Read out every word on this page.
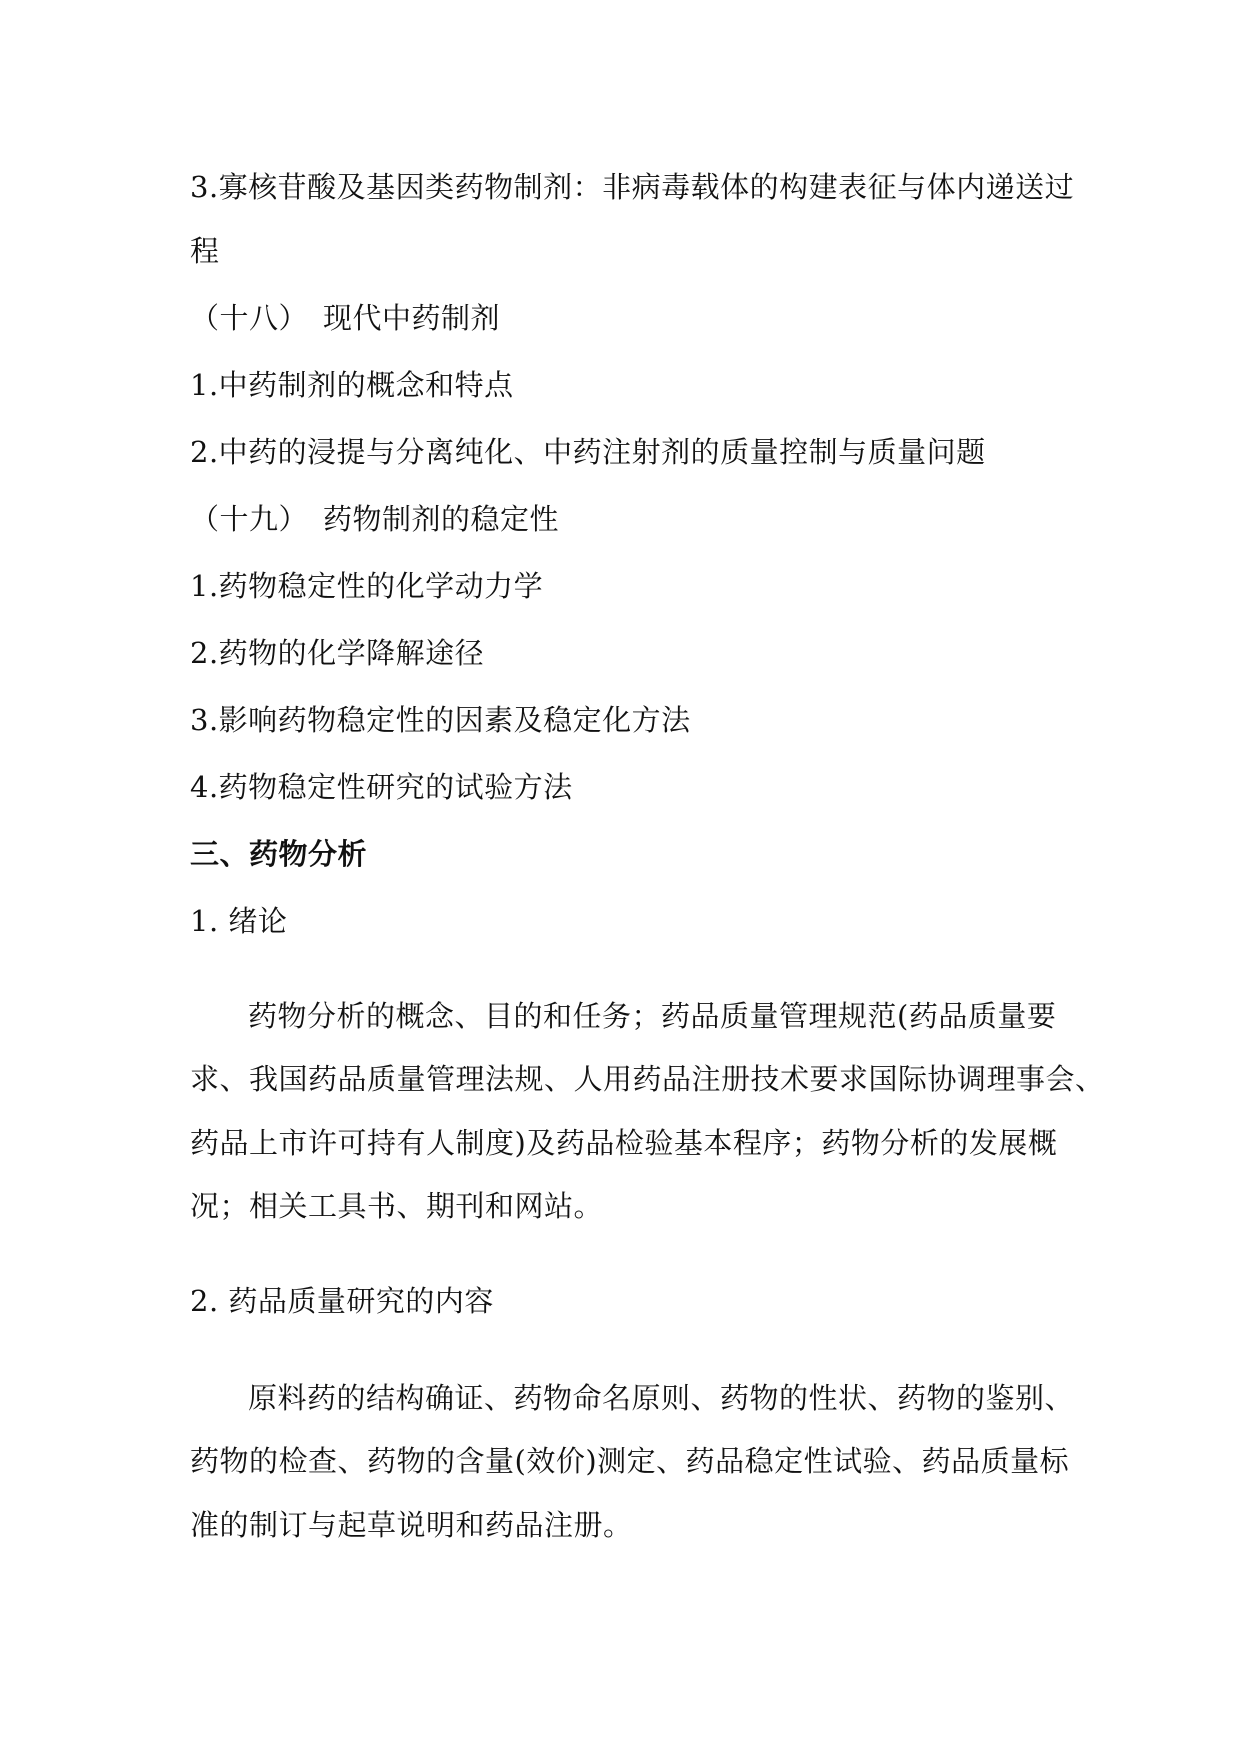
3.寡核苷酸及基因类药物制剂：非病毒载体的构建表征与体内递送过
程
（十八）　现代中药制剂
1.中药制剂的概念和特点
2.中药的浸提与分离纯化、中药注射剂的质量控制与质量问题
（十九）　药物制剂的稳定性
1.药物稳定性的化学动力学
2.药物的化学降解途径
3.影响药物稳定性的因素及稳定化方法
4.药物稳定性研究的试验方法
三、药物分析
1. 绪论
药物分析的概念、目的和任务；药品质量管理规范(药品质量要
求、我国药品质量管理法规、人用药品注册技术要求国际协调理事会、
药品上市许可持有人制度)及药品检验基本程序；药物分析的发展概
况；相关工具书、期刊和网站。
2. 药品质量研究的内容
原料药的结构确证、药物命名原则、药物的性状、药物的鉴别、
药物的检查、药物的含量(效价)测定、药品稳定性试验、药品质量标
准的制订与起草说明和药品注册。
